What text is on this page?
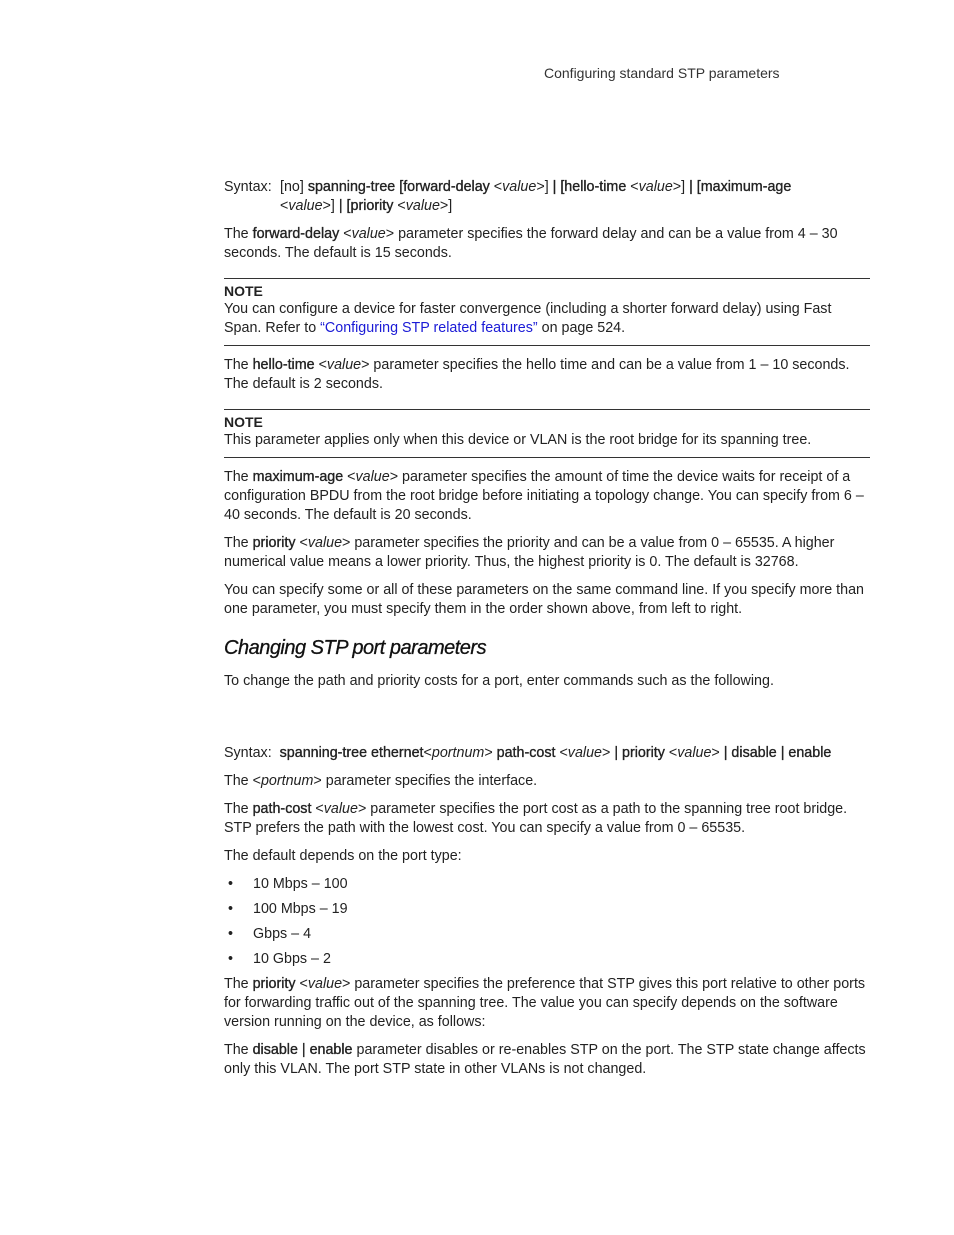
Configuring standard STP parameters
Syntax: [no] spanning-tree [forward-delay <value>] | [hello-time <value>] | [maximum-age
<value>] | [priority <value>]

The forward-delay <value> parameter specifies the forward delay and can be a value from 4 – 30 seconds. The default is 15 seconds.

NOTE
You can configure a device for faster convergence (including a shorter forward delay) using Fast Span. Refer to “Configuring STP related features” on page 524.

The hello-time <value> parameter specifies the hello time and can be a value from 1 – 10 seconds. The default is 2 seconds.

NOTE
This parameter applies only when this device or VLAN is the root bridge for its spanning tree.

The maximum-age <value> parameter specifies the amount of time the device waits for receipt of a configuration BPDU from the root bridge before initiating a topology change. You can specify from 6 – 40 seconds. The default is 20 seconds.

The priority <value> parameter specifies the priority and can be a value from 0 – 65535. A higher numerical value means a lower priority. Thus, the highest priority is 0. The default is 32768.

You can specify some or all of these parameters on the same command line. If you specify more than one parameter, you must specify them in the order shown above, from left to right.

Changing STP port parameters

To change the path and priority costs for a port, enter commands such as the following.

Syntax: spanning-tree ethernet<portnum> path-cost <value> | priority <value> | disable | enable

The <portnum> parameter specifies the interface.

The path-cost <value> parameter specifies the port cost as a path to the spanning tree root bridge. STP prefers the path with the lowest cost. You can specify a value from 0 – 65535.

The default depends on the port type:

• 10 Mbps – 100
• 100 Mbps – 19
• Gbps – 4
• 10 Gbps – 2

The priority <value> parameter specifies the preference that STP gives this port relative to other ports for forwarding traffic out of the spanning tree. The value you can specify depends on the software version running on the device, as follows:

The disable | enable parameter disables or re-enables STP on the port. The STP state change affects only this VLAN. The port STP state in other VLANs is not changed.
